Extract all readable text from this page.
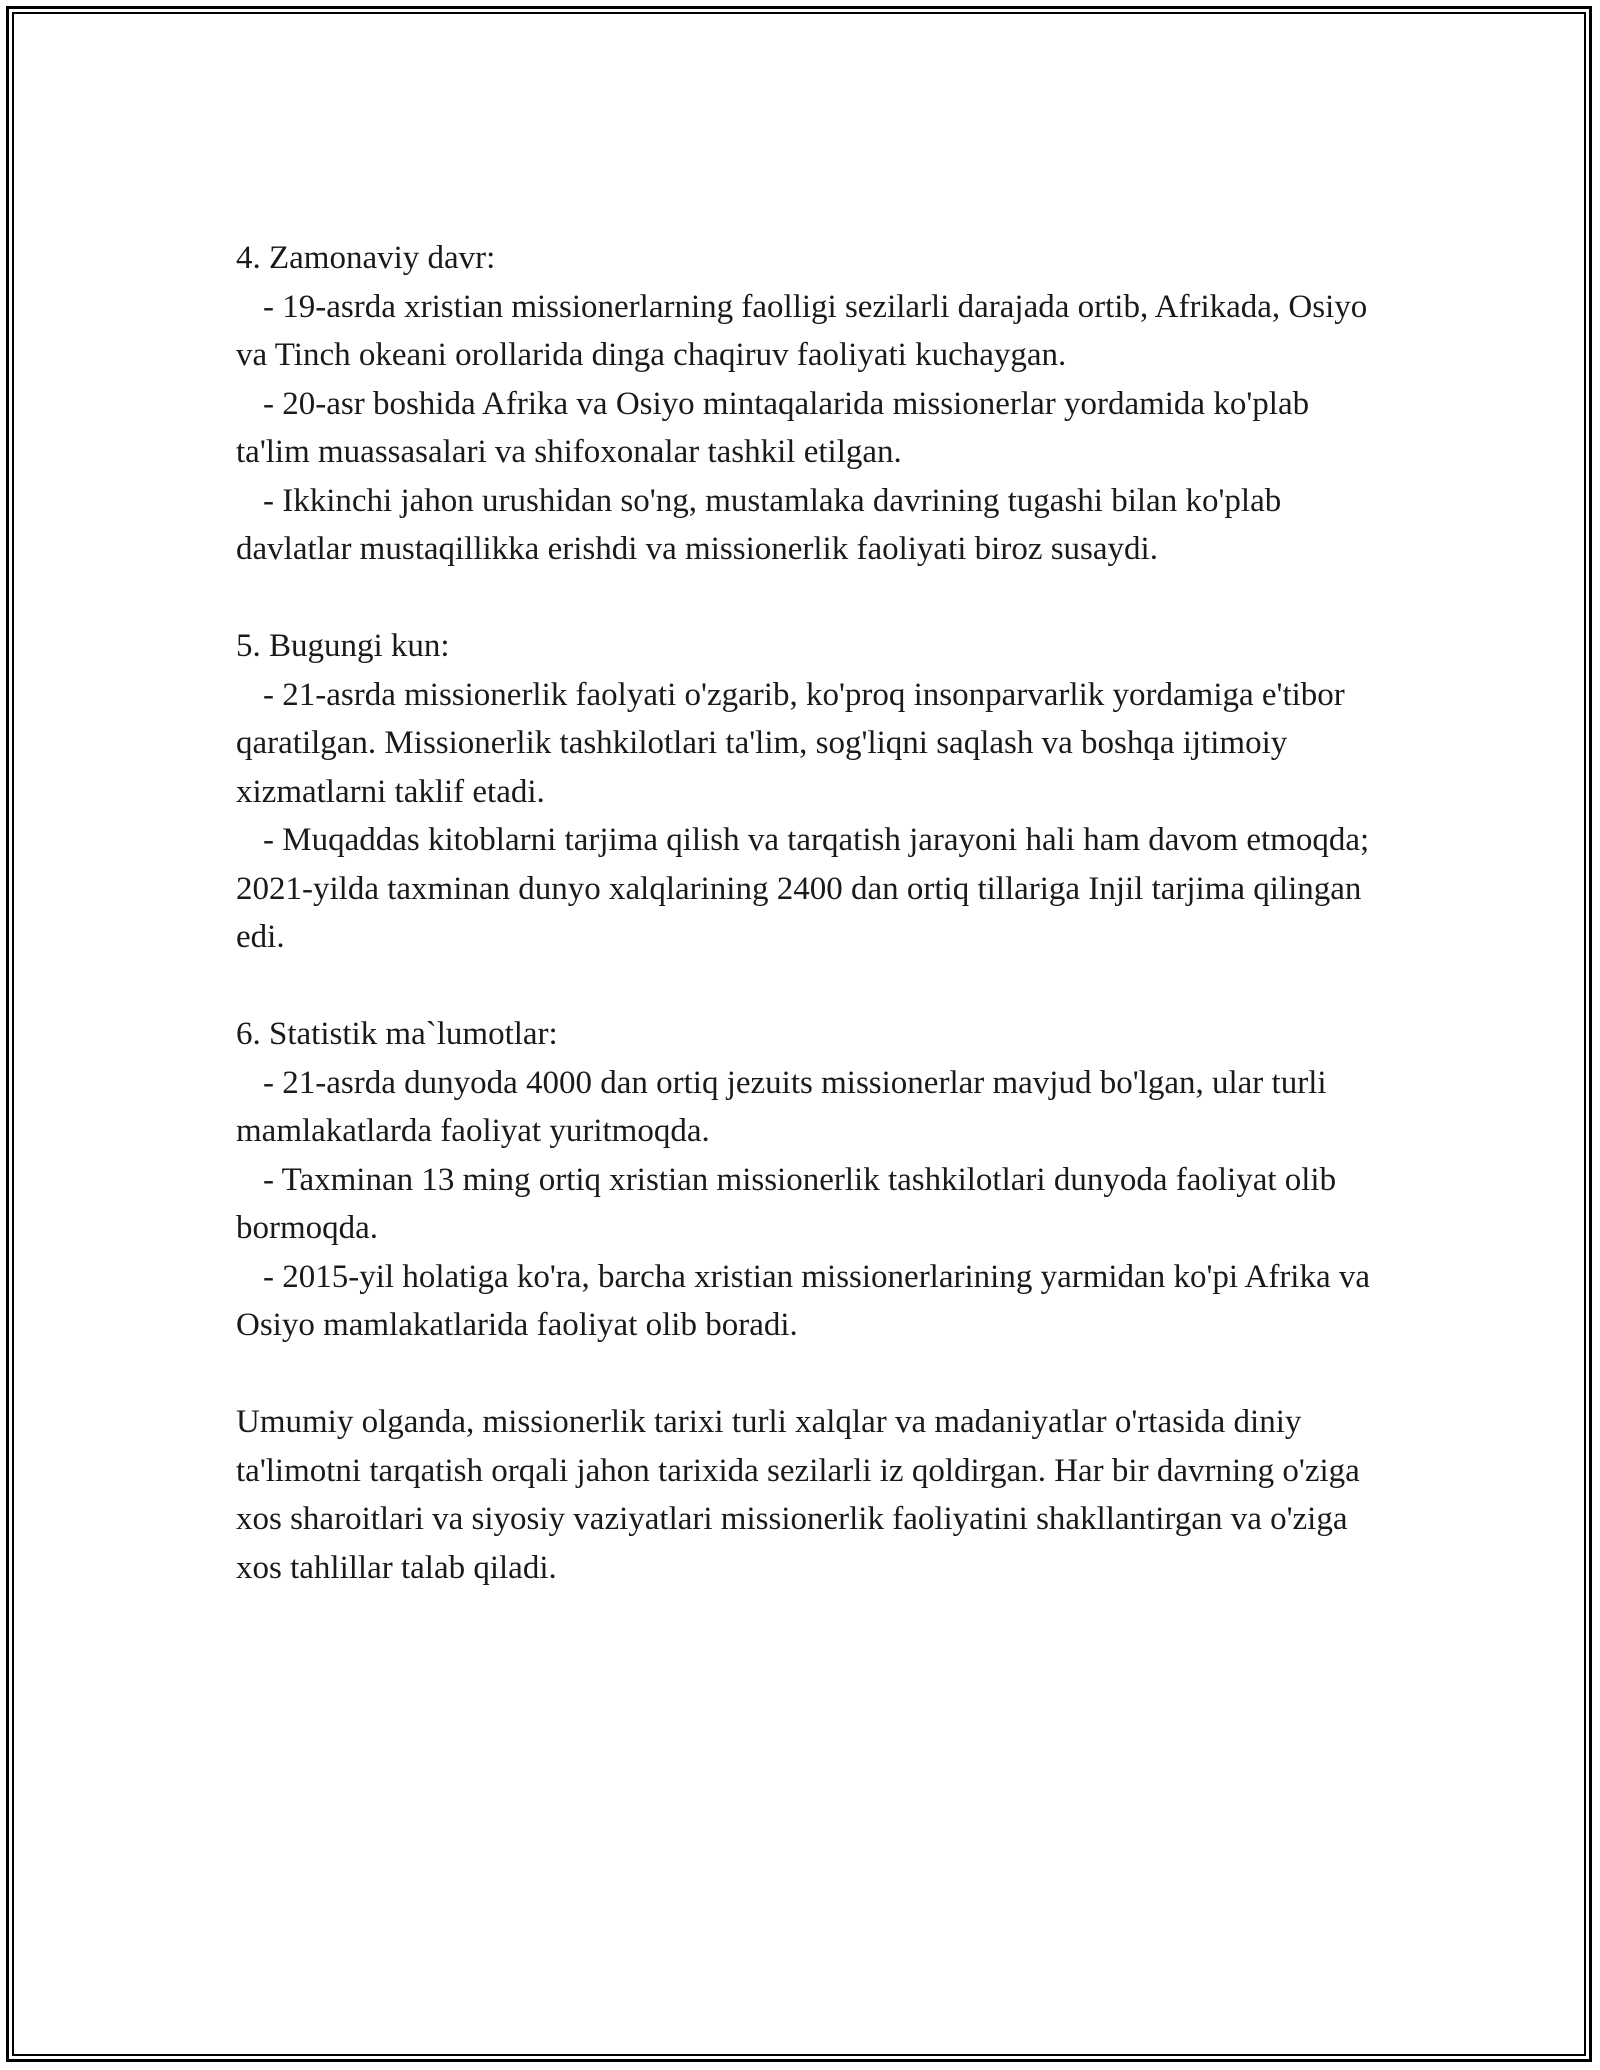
4. Zamonaviy davr:

- 19-asrda xristian missionerlarning faolligi sezilarli darajada ortib, Afrikada, Osiyo va Tinch okeani orollarida dinga chaqiruv faoliyati kuchaygan.

- 20-asr boshida Afrika va Osiyo mintaqalarida missionerlar yordamida ko'plab ta'lim muassasalari va shifoxonalar tashkil etilgan.

- Ikkinchi jahon urushidan so'ng, mustamlaka davrining tugashi bilan ko'plab davlatlar mustaqillikka erishdi va missionerlik faoliyati biroz susaydi.

5. Bugungi kun:

- 21-asrda missionerlik faolyati o'zgarib, ko'proq insonparvarlik yordamiga e'tibor qaratilgan. Missionerlik tashkilotlari ta'lim, sog'liqni saqlash va boshqa ijtimoiy xizmatlarni taklif etadi.

- Muqaddas kitoblarni tarjima qilish va tarqatish jarayoni hali ham davom etmoqda; 2021-yilda taxminan dunyo xalqlarining 2400 dan ortiq tillariga Injil tarjima qilingan edi.

6. Statistik ma`lumotlar:

- 21-asrda dunyoda 4000 dan ortiq jezuits missionerlar mavjud bo'lgan, ular turli mamlakatlarda faoliyat yuritmoqda.

- Taxminan 13 ming ortiq xristian missionerlik tashkilotlari dunyoda faoliyat olib bormoqda.

- 2015-yil holatiga ko'ra, barcha xristian missionerlarining yarmidan ko'pi Afrika va Osiyo mamlakatlarida faoliyat olib boradi.

Umumiy olganda, missionerlik tarixi turli xalqlar va madaniyatlar o'rtasida diniy ta'limotni tarqatish orqali jahon tarixida sezilarli iz qoldirgan. Har bir davrning o'ziga xos sharoitlari va siyosiy vaziyatlari missionerlik faoliyatini shakllantirgan va o'ziga xos tahlillar talab qiladi.
